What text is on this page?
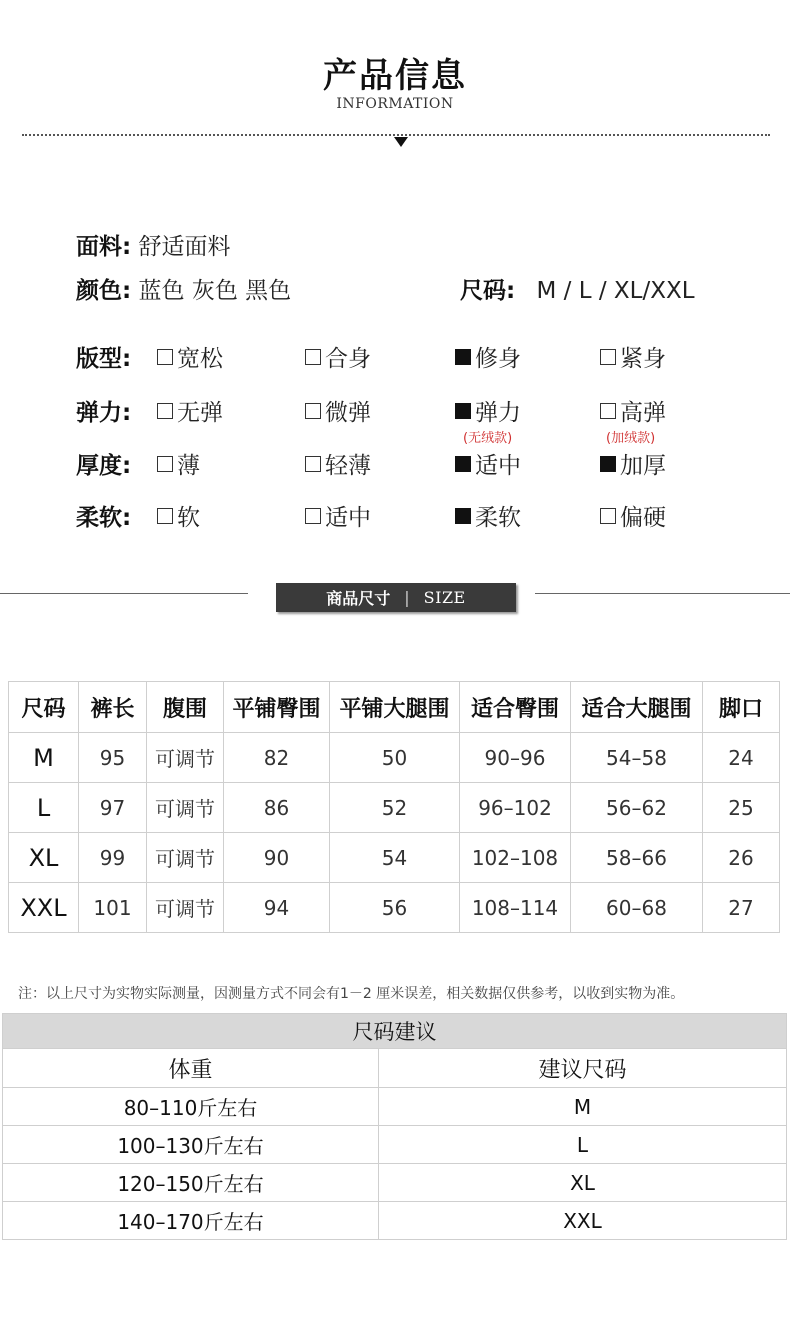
产品信息
INFORMATION
面料: 舒适面料
颜色: 蓝色 灰色 黑色	尺码: M / L / XL/XXL
版型: 宽松	合身	修身	紧身
弹力: 无弹	微弹	弹力	高弹
(无绒款)	(加绒款)
厚度: 薄	轻薄	适中	加厚
柔软: 软	适中	柔软	偏硬
商品尺寸 | SIZE
尺码	裤长	腹围	平铺臀围	平铺大腿围	适合臀围	适合大腿围	脚口
M	95	可调节	82	50	90–96	54–58	24
L	97	可调节	86	52	96–102	56–62	25
XL	99	可调节	90	54	102–108	58–66	26
XXL	101	可调节	94	56	108–114	60–68	27
注：以上尺寸为实物实际测量，因测量方式不同会有1－2 厘米误差，相关数据仅供参考，以收到实物为准。
尺码建议	
体重	建议尺码
80–110斤左右	M
100–130斤左右	L
120–150斤左右	XL
140–170斤左右	XXL
